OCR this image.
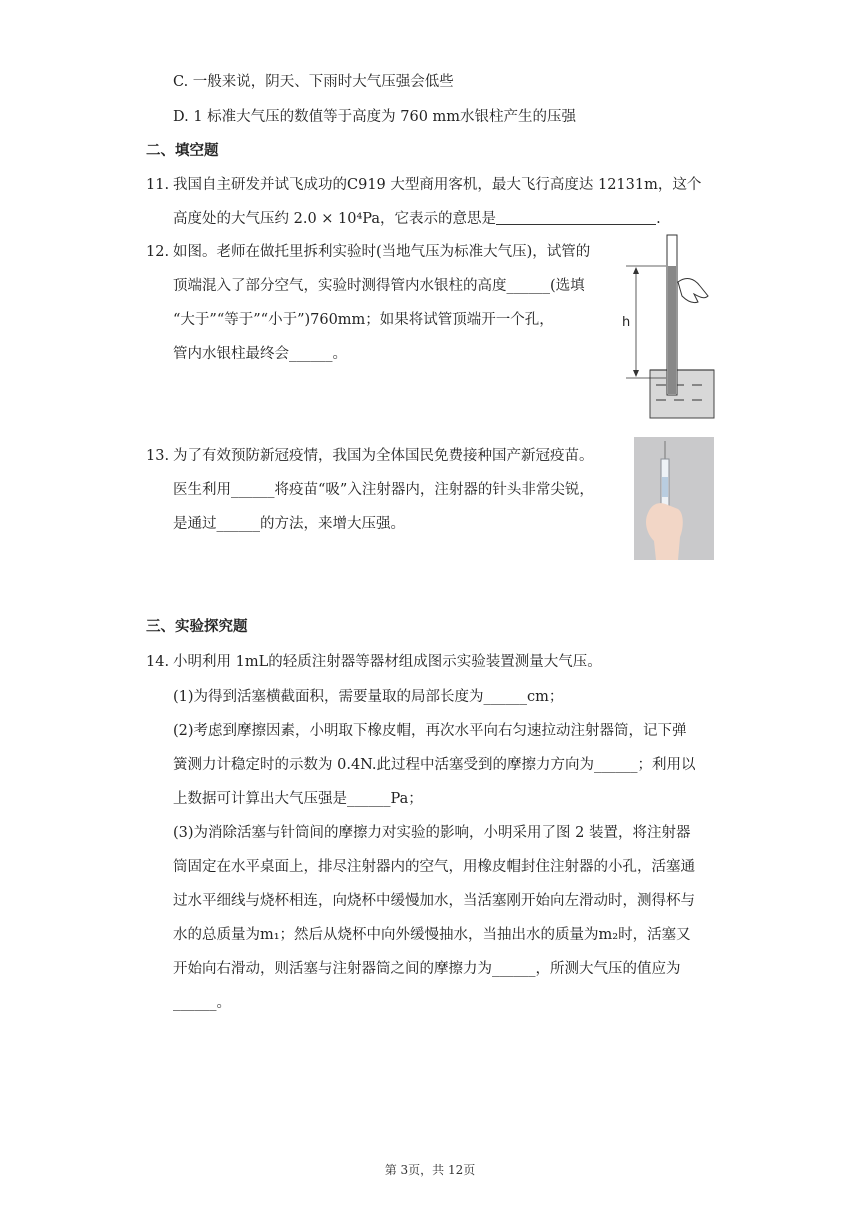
C. 一般来说，阴天、下雨时大气压强会低些
D. 1 标准大气压的数值等于高度为 760 mm水银柱产生的压强
二、填空题
11. 我国自主研发并试飞成功的C919 大型商用客机，最大飞行高度达 12131m，这个
高度处的大气压约 2.0 × 10⁴Pa，它表示的意思是	.
12. 如图。老师在做托里拆利实验时(当地气压为标准大气压)，试管的
顶端混入了部分空气，实验时测得管内水银柱的高度______(选填
“大于”“等于”“小于”)760mm；如果将试管顶端开一个孔，
管内水银柱最终会______。
h
13. 为了有效预防新冠疫情，我国为全体国民免费接种国产新冠疫苗。
医生利用______将疫苗“吸”入注射器内，注射器的针头非常尖锐，
是通过______的方法，来增大压强。
三、实验探究题
14. 小明利用 1mL的轻质注射器等器材组成图示实验装置测量大气压。
(1)为得到活塞横截面积，需要量取的局部长度为______cm；
(2)考虑到摩擦因素，小明取下橡皮帽，再次水平向右匀速拉动注射器筒，记下弹
簧测力计稳定时的示数为 0.4N.此过程中活塞受到的摩擦力方向为______；利用以
上数据可计算出大气压强是______Pa；
(3)为消除活塞与针筒间的摩擦力对实验的影响，小明采用了图 2 装置，将注射器
筒固定在水平桌面上，排尽注射器内的空气，用橡皮帽封住注射器的小孔，活塞通
过水平细线与烧杯相连，向烧杯中缓慢加水，当活塞刚开始向左滑动时，测得杯与
水的总质量为m₁；然后从烧杯中向外缓慢抽水，当抽出水的质量为m₂时，活塞又
开始向右滑动，则活塞与注射器筒之间的摩擦力为______，所测大气压的值应为
______。
第 3页，共 12页
